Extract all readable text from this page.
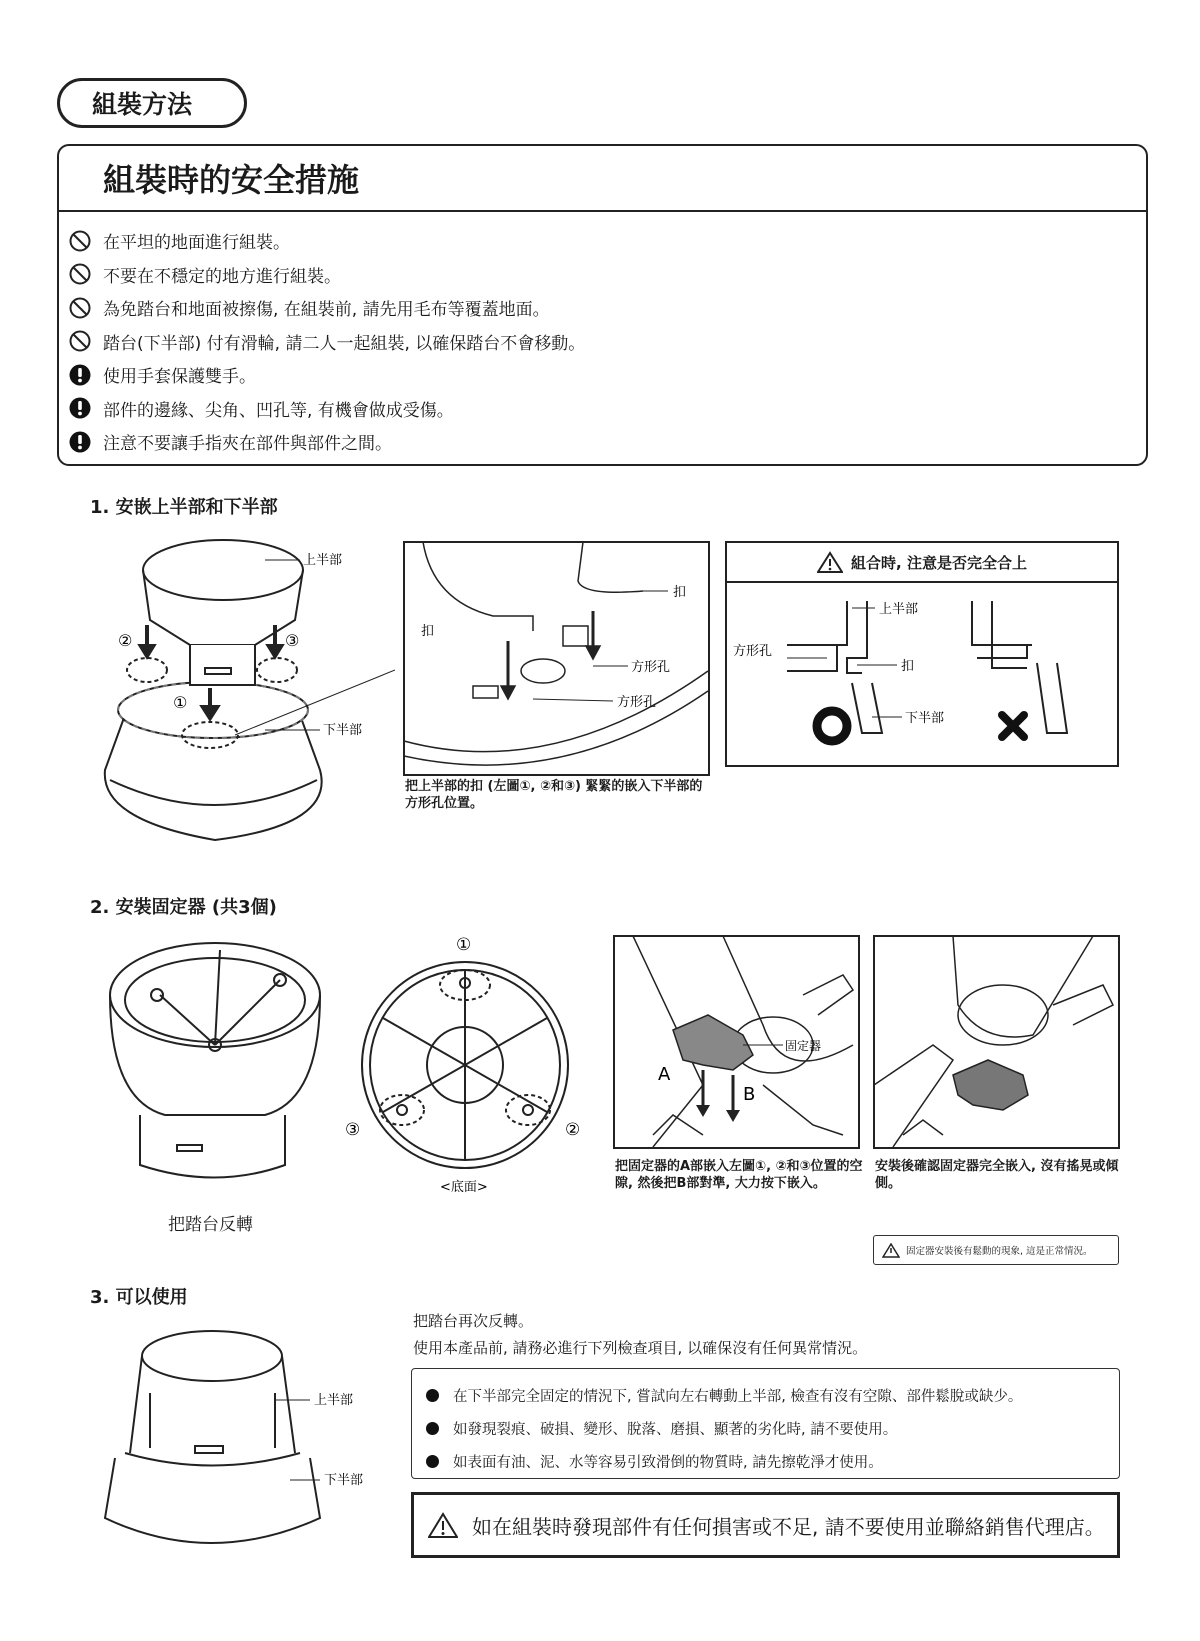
組裝方法
組裝時的安全措施
在平坦的地面進行組裝。
不要在不穩定的地方進行組裝。
為免踏台和地面被擦傷, 在組裝前, 請先用毛布等覆蓋地面。
踏台(下半部) 付有滑輪, 請二人一起組裝, 以確保踏台不會移動。
使用手套保護雙手。
部件的邊緣、尖角、凹孔等, 有機會做成受傷。
注意不要讓手指夾在部件與部件之間。
1. 安嵌上半部和下半部
②	③
①
上半部
下半部
扣
扣
方形孔
方形孔
把上半部的扣 (左圖①, ②和③) 緊緊的嵌入下半部的方形孔位置。
組合時, 注意是否完全合上
上半部
方形孔
扣
下半部
2. 安裝固定器 (共3個)
把踏台反轉
①
③	②
<底面>
固定器
A
B
把固定器的A部嵌入左圖①, ②和③位置的空隙, 然後把B部對準, 大力按下嵌入。
安裝後確認固定器完全嵌入, 沒有搖晃或傾側。
固定器安裝後有鬆動的現象, 這是正常情況。
3. 可以使用
上半部
下半部
把踏台再次反轉。
使用本產品前, 請務必進行下列檢查項目, 以確保沒有任何異常情況。
在下半部完全固定的情況下, 嘗試向左右轉動上半部, 檢查有沒有空隙、部件鬆脫或缺少。
如發現裂痕、破損、變形、脫落、磨損、顯著的劣化時, 請不要使用。
如表面有油、泥、水等容易引致滑倒的物質時, 請先擦乾淨才使用。
如在組裝時發現部件有任何損害或不足, 請不要使用並聯絡銷售代理店。
